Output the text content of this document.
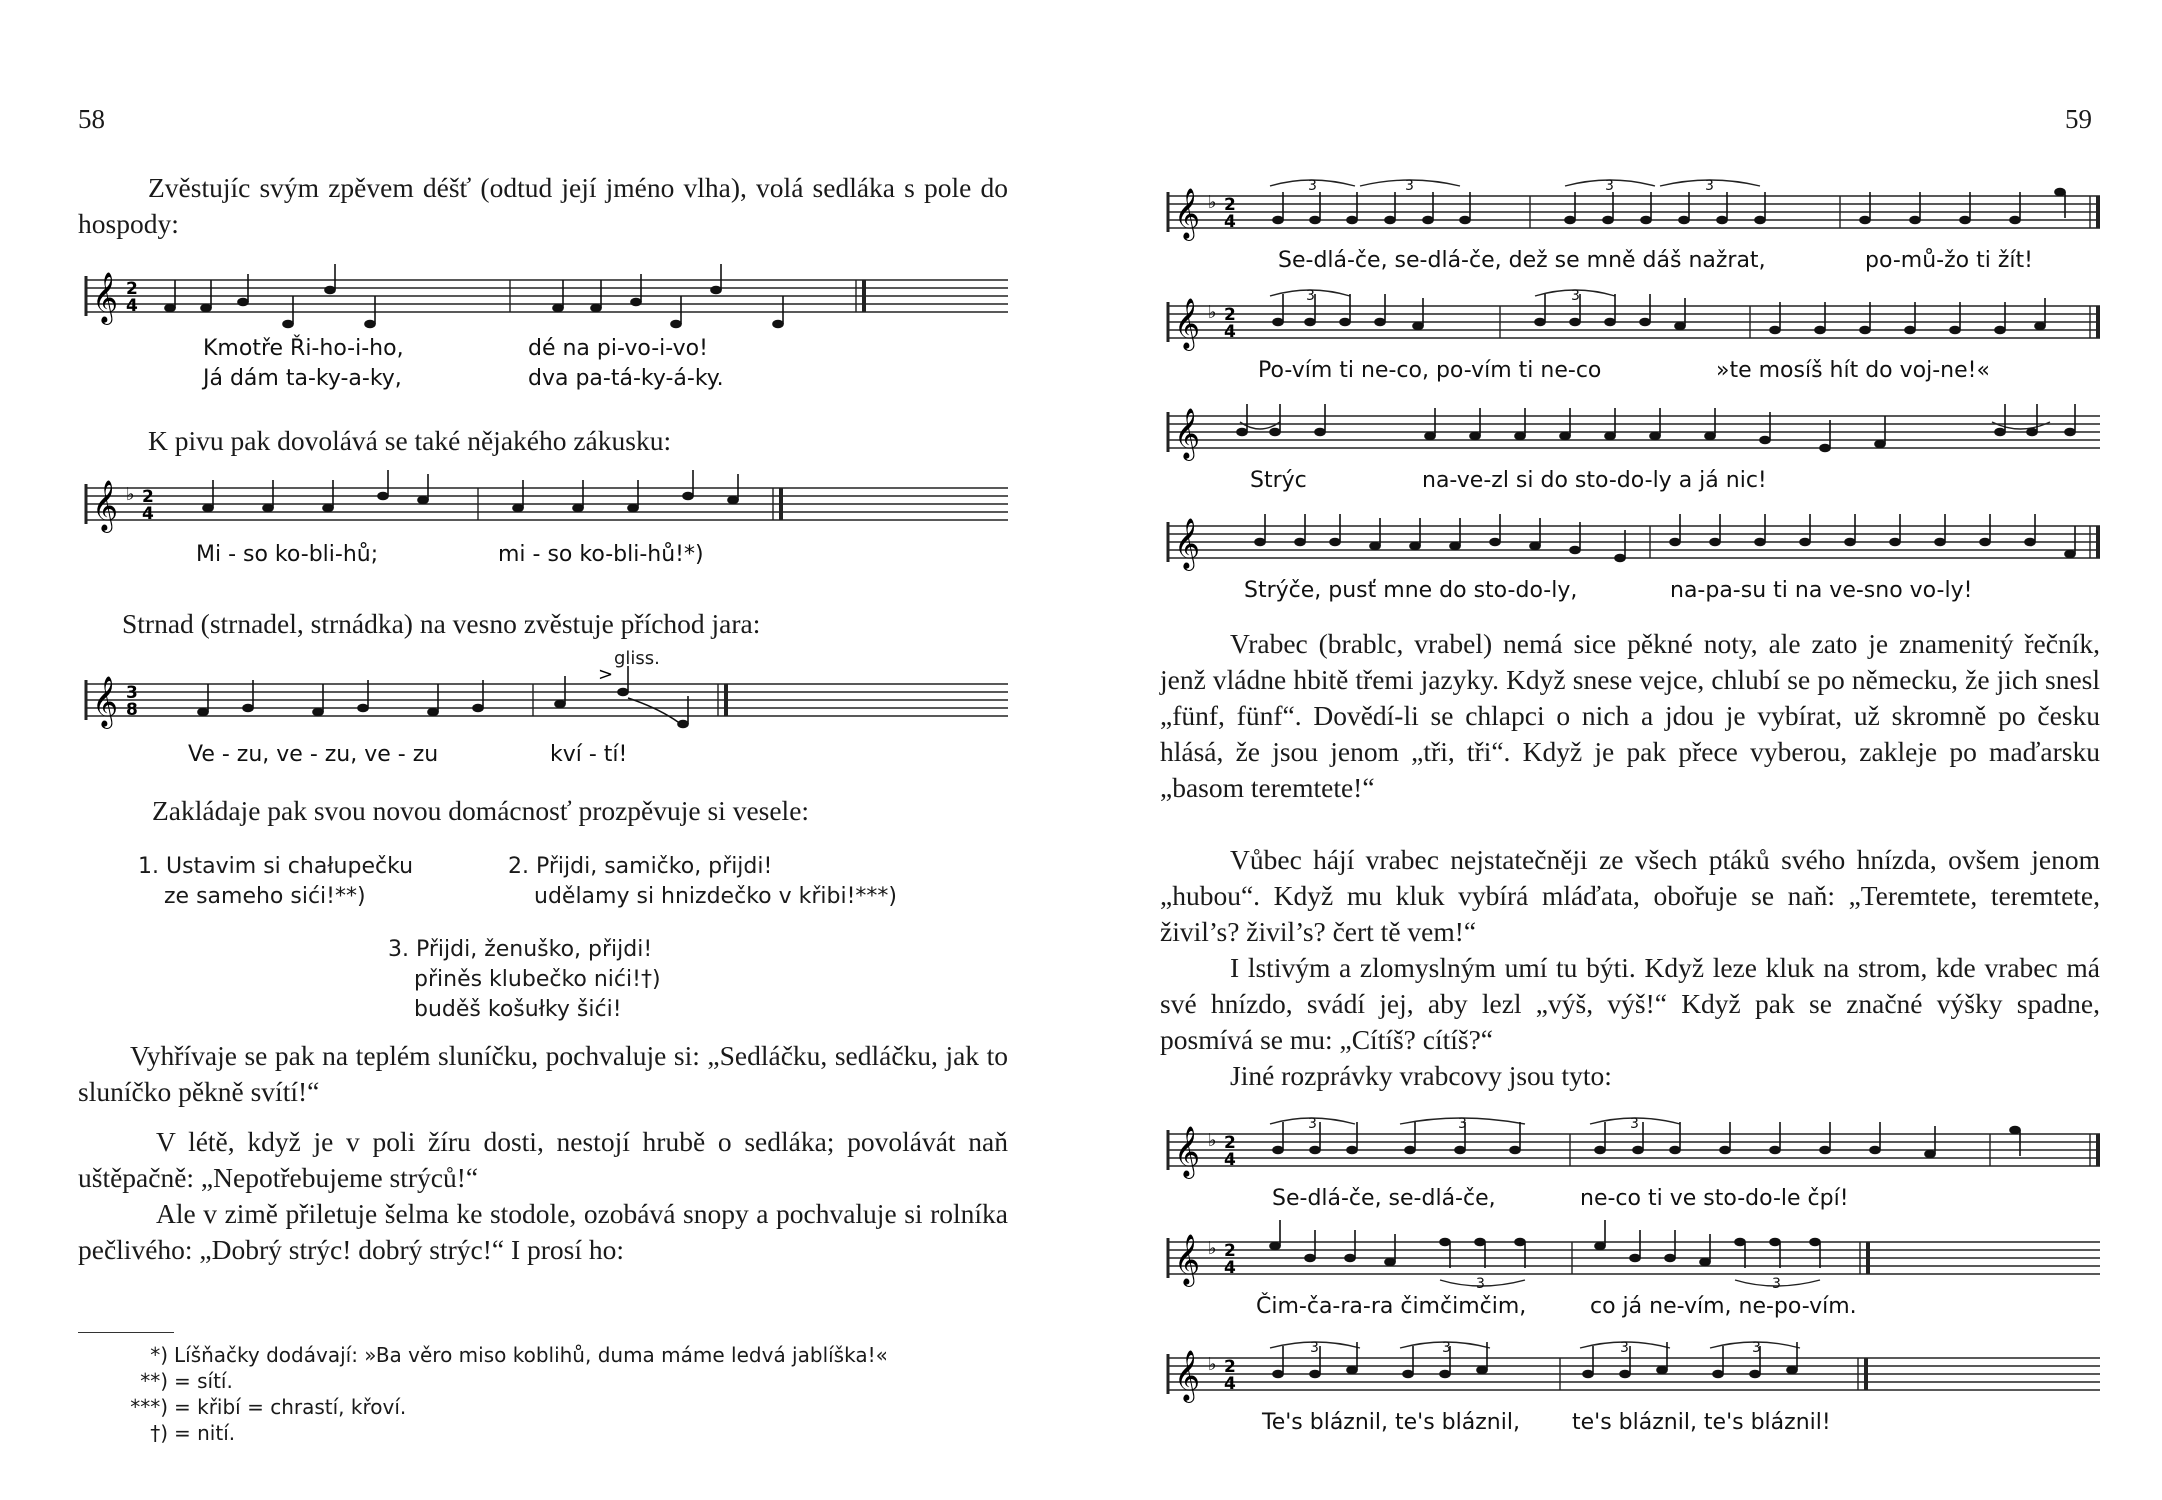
58

Zvěstujíc svým zpěvem déšť (odtud její jméno vlha), volá sedláka s pole do hospody:

𝄞 2
4
Kmotře Ři-ho-i-ho,	dé na pi-vo-i-vo!
Já dám ta-ky-a-ky,	dva pa-tá-ky-á-ky.

K pivu pak dovolává se také nějakého zákusku:

𝄞 ♭ 2
4
Mi - so ko-bli-hů;	mi - so ko-bli-hů!*)

Strnad (strnadel, strnádka) na vesno zvěstuje příchod jara:

gliss.
𝄞 3
8
>
Ve - zu, ve - zu, ve - zu	kví - tí!

Zakládaje pak svou novou domácnosť prozpěvuje si vesele:

1. Ustavim si chałupečku
ze sameho sići!**)
2. Přijdi, samičko, přijdi!
udělamy si hnizdečko v křibi!***)
3. Přijdi, ženuško, přijdi!
přiněs klubečko nići!†)
buděš košułky šići!

Vyhřívaje se pak na teplém sluníčku, pochvaluje si: „Sedláčku, sedláčku, jak to sluníčko pěkně svítí!“

V létě, když je v poli žíru dosti, nestojí hrubě o sedláka; povolávát naň uštěpačně: „Nepotřebujeme strýců!“

Ale v zimě přiletuje šelma ke stodole, ozobává snopy a pochvaluje si rolníka pečlivého: „Dobrý strýc! dobrý strýc!“ I prosí ho:

*) Líšňačky dodávají: »Ba věro miso koblihů, duma máme ledvá jablíška!«
**) = sítí.
***) = křibí = chrastí, křoví.
†) = nití.
59
𝄞 ♭ 2
4
3	3	3	3
Se-dlá-če, se-dlá-če, dež se mně dáš nažrat,	po-mů-žo ti žít!
𝄞 ♭ 2
4
3	3
Po-vím ti ne-co, po-vím ti ne-co	»te mosíš hít do voj-ne!«
𝄞
Strýc	na-ve-zl si do sto-do-ly a já nic!
𝄞
Strýče, pusť mne do sto-do-ly,	na-pa-su ti na ve-sno vo-ly!

Vrabec (brablc, vrabel) nemá sice pěkné noty, ale zato je znamenitý řečník, jenž vládne hbitě třemi jazyky. Když snese vejce, chlubí se po německu, že jich snesl „fünf, fünf“. Dovědí-li se chlapci o nich a jdou je vybírat, už skromně po česku hlásá, že jsou jenom „tři, tři“. Když je pak přece vyberou, zakleje po maďarsku „basom teremtete!“

Vůbec hájí vrabec nejstatečněji ze všech ptáků svého hnízda, ovšem jenom „hubou“. Když mu kluk vybírá mláďata, obořuje se naň: „Teremtete, teremtete, živil’s? živil’s? čert tě vem!“

I lstivým a zlomyslným umí tu býti. Když leze kluk na strom, kde vrabec má své hnízdo, svádí jej, aby lezl „výš, výš!“ Když pak se značné výšky spadne, posmívá se mu: „Cítíš? cítíš?“

Jiné rozprávky vrabcovy jsou tyto:

𝄞 ♭ 2
4
3	3	3
Se-dlá-če, se-dlá-če,	ne-co ti ve sto-do-le čpí!
𝄞 ♭ 2
4
3	3
Čim-ča-ra-ra čimčimčim,	co já ne-vím, ne-po-vím.
𝄞 ♭ 2
4
3	3	3	3
Te's bláznil, te's bláznil, te's bláznil, te's bláznil!
